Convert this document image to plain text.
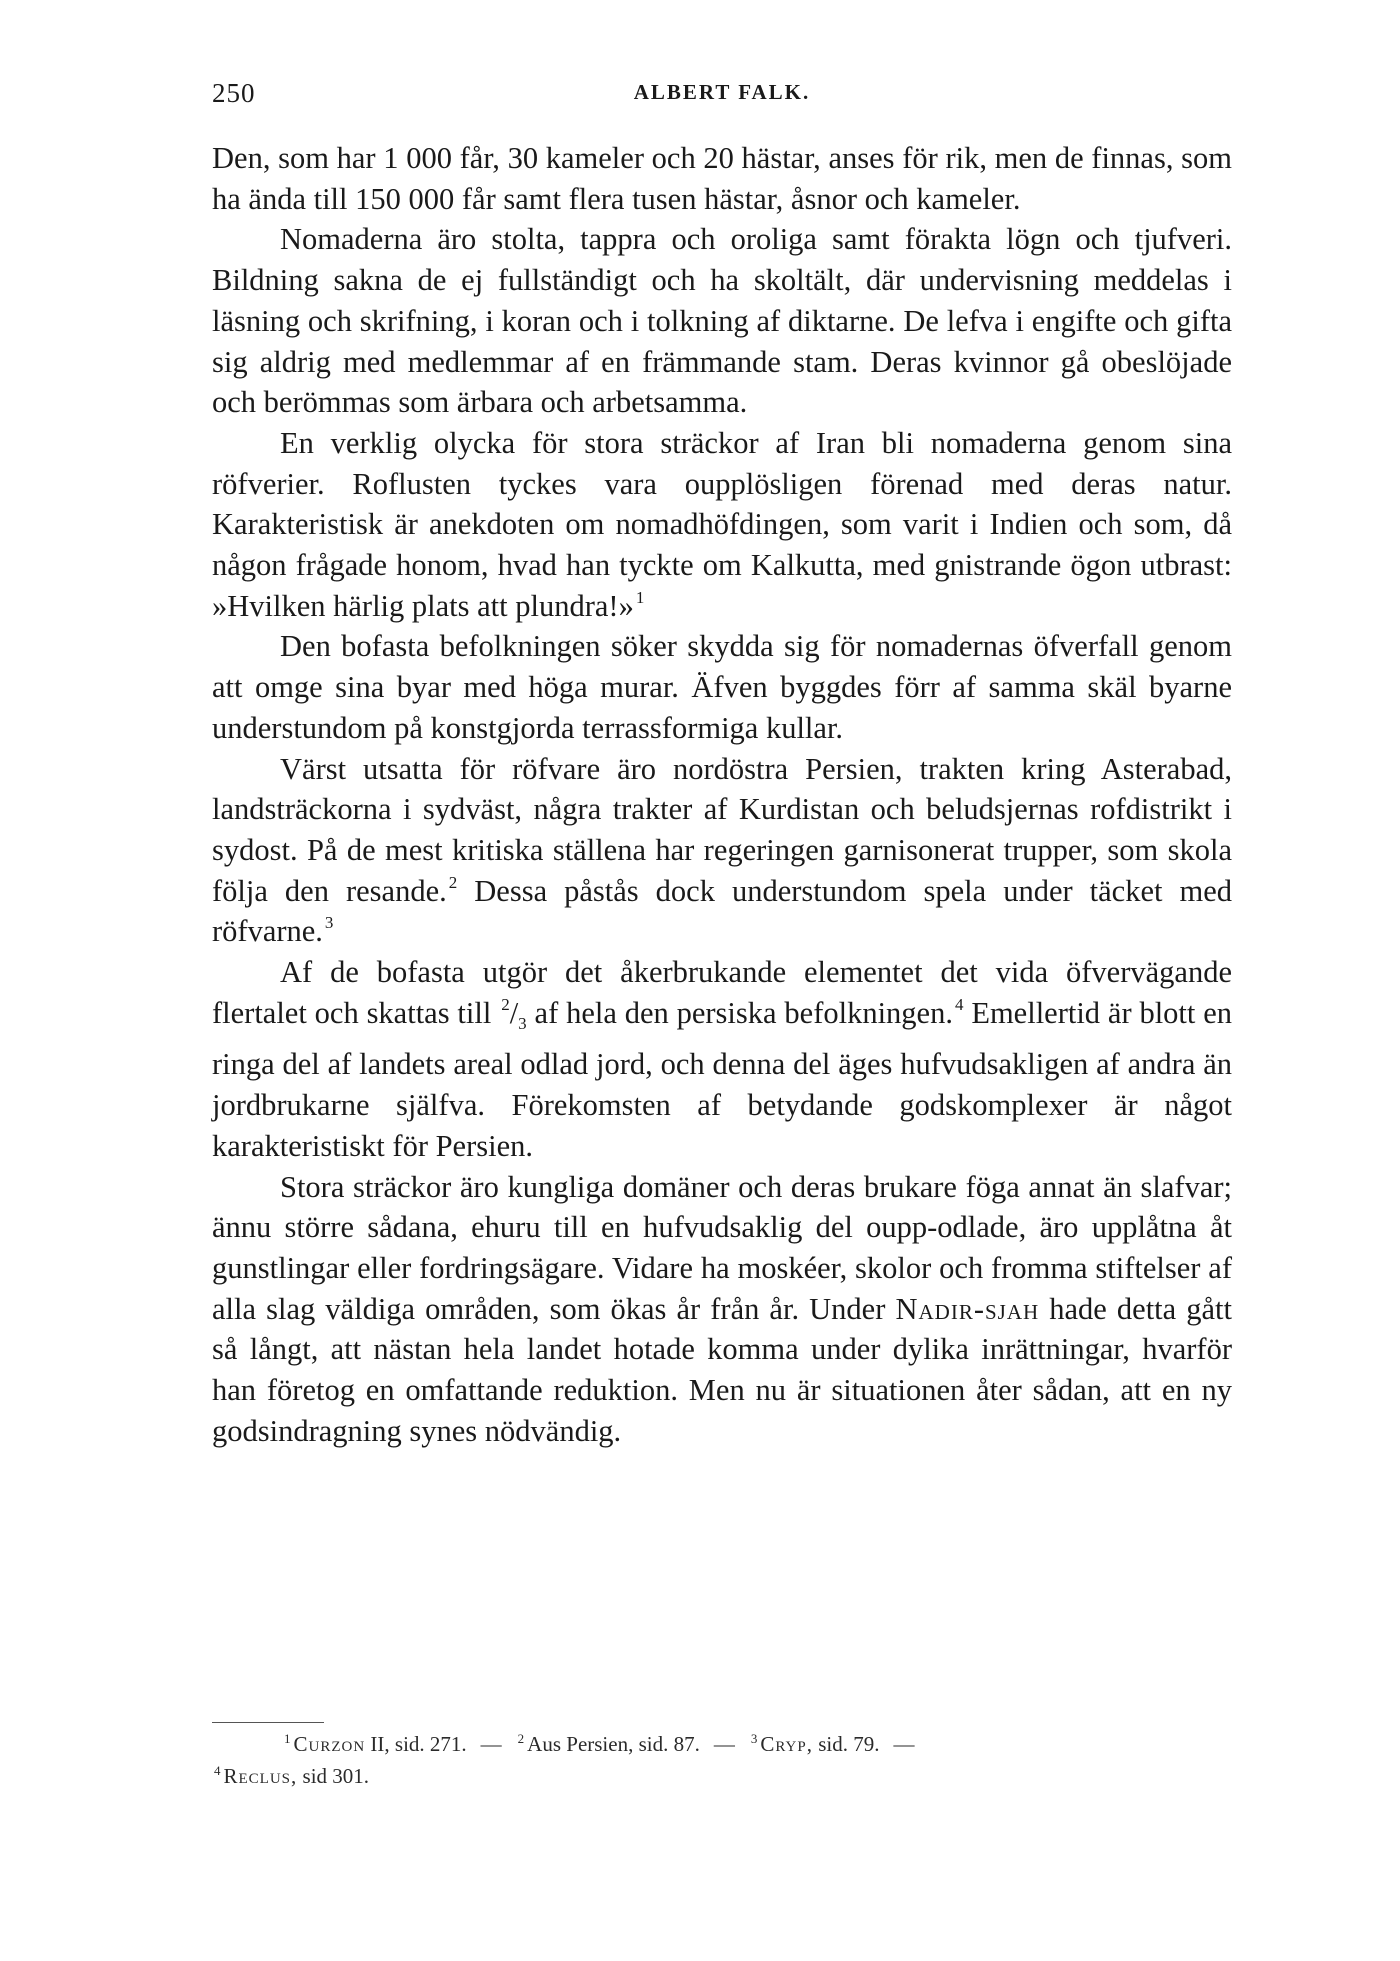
250	ALBERT FALK.

Den, som har 1 000 får, 30 kameler och 20 hästar, anses för rik, men de finnas, som ha ända till 150 000 får samt flera tusen hästar, åsnor och kameler.

Nomaderna äro stolta, tappra och oroliga samt förakta lögn och tjufveri. Bildning sakna de ej fullständigt och ha skoltält, där undervisning meddelas i läsning och skrifning, i koran och i tolkning af diktarne. De lefva i engifte och gifta sig aldrig med medlemmar af en främmande stam. Deras kvinnor gå obeslöjade och berömmas som ärbara och arbetsamma.

En verklig olycka för stora sträckor af Iran bli nomaderna genom sina röfverier. Roflusten tyckes vara oupplösligen förenad med deras natur. Karakteristisk är anekdoten om nomadhöfdingen, som varit i Indien och som, då någon frågade honom, hvad han tyckte om Kalkutta, med gnistrande ögon utbrast: »Hvilken härlig plats att plundra!» $^1$

Den bofasta befolkningen söker skydda sig för nomadernas öfverfall genom att omge sina byar med höga murar. Äfven byggdes förr af samma skäl byarne understundom på konstgjorda terrassformiga kullar.

Värst utsatta för röfvare äro nordöstra Persien, trakten kring Asterabad, landsträckorna i sydväst, några trakter af Kurdistan och beludsjernas rofdistrikt i sydost. På de mest kritiska ställena har regeringen garnisonerat trupper, som skola följa den resande. $^2$ Dessa påstås dock understundom spela under täcket med röfvarne. $^3$

Af de bofasta utgör det åkerbrukande elementet det vida öfvervägande flertalet och skattas till $^2$/3 af hela den persiska befolkningen. $^4$ Emellertid är blott en ringa del af landets areal odlad jord, och denna del äges hufvudsakligen af andra än jordbrukarne själfva. Förekomsten af betydande godskomplexer är något karakteristiskt för Persien.

Stora sträckor äro kungliga domäner och deras brukare föga annat än slafvar; ännu större sådana, ehuru till en hufvudsaklig del oupp-odlade, äro upplåtna åt gunstlingar eller fordringsägare. Vidare ha moskéer, skolor och fromma stiftelser af alla slag väldiga områden, som ökas år från år. Under Nadir-sjah hade detta gått så långt, att nästan hela landet hotade komma under dylika inrättningar, hvarför han företog en omfattande reduktion. Men nu är situationen åter sådan, att en ny godsindragning synes nödvändig.

$^1$ Curzon II, sid. 271. — $^2$ Aus Persien, sid. 87. — $^3$ Cryp, sid. 79. —

$^4$ Reclus, sid 301.
